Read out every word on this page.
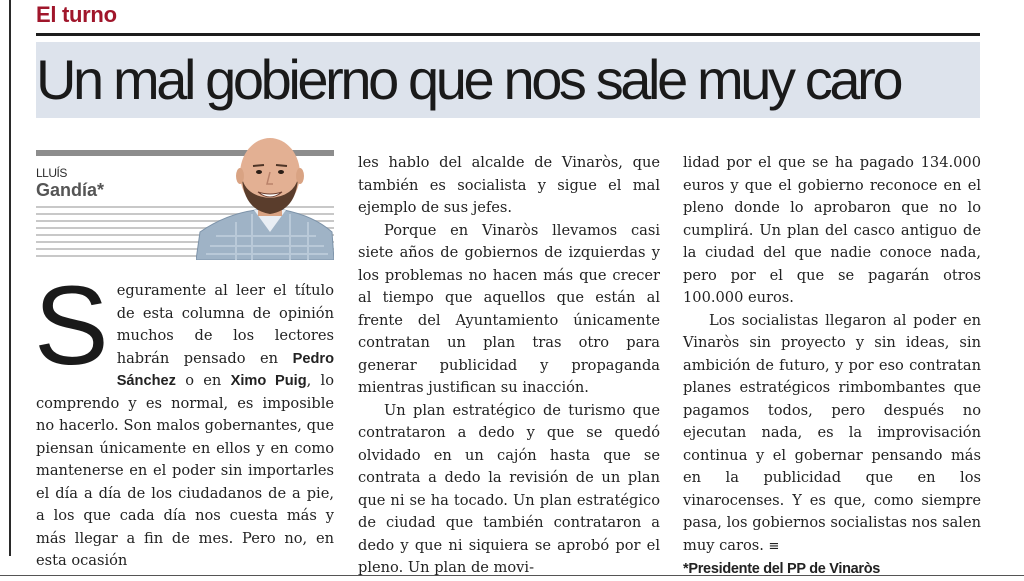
El turno
Un mal gobierno que nos sale muy caro
LLUÍS
Gandía*

Seguramente al leer el título de esta columna de opinión muchos de los lectores habrán pensado en Pedro Sánchez o en Ximo Puig, lo comprendo y es normal, es imposible no hacerlo. Son malos gobernantes, que piensan únicamente en ellos y en como mantenerse en el poder sin importarles el día a día de los ciudadanos de a pie, a los que cada día nos cuesta más y más llegar a fin de mes. Pero no, en esta ocasión

les hablo del alcalde de Vinaròs, que también es socialista y sigue el mal ejemplo de sus jefes.

Porque en Vinaròs llevamos casi siete años de gobiernos de izquierdas y los problemas no hacen más que crecer al tiempo que aquellos que están al frente del Ayuntamiento únicamente contratan un plan tras otro para generar publicidad y propaganda mientras justifican su inacción.

Un plan estratégico de turismo que contrataron a dedo y que se quedó olvidado en un cajón hasta que se contrata a dedo la revisión de un plan que ni se ha tocado. Un plan estratégico de ciudad que también contrataron a dedo y que ni siquiera se aprobó por el pleno. Un plan de movi-

lidad por el que se ha pagado 134.000 euros y que el gobierno reconoce en el pleno donde lo aprobaron que no lo cumplirá. Un plan del casco antiguo de la ciudad del que nadie conoce nada, pero por el que se pagarán otros 100.000 euros.

Los socialistas llegaron al poder en Vinaròs sin proyecto y sin ideas, sin ambición de futuro, y por eso contratan planes estratégicos rimbombantes que pagamos todos, pero después no ejecutan nada, es la improvisación continua y el gobernar pensando más en la publicidad que en los vinarocenses. Y es que, como siempre pasa, los gobiernos socialistas nos salen muy caros. ≡

*Presidente del PP de Vinaròs
